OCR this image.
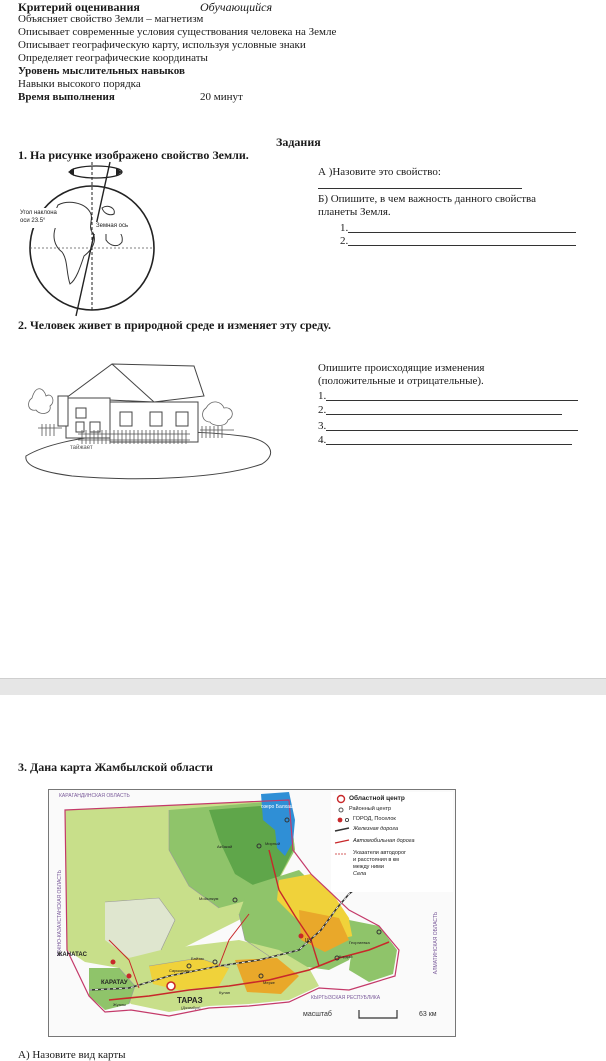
Критерий оценивания	Обучающийся
Объясняет свойство Земли – магнетизм
Описывает современные условия существования человека на Земле
Описывает географическую карту, используя условные знаки
Определяет географические координаты
Уровень мыслительных навыков
Навыки высокого порядка
Время выполнения	20 минут
Задания
1. На рисунке изображено свойство Земли.
Угол наклона оси 23.5°
Земная ось
А )Назовите это свойство:
Б) Опишите, в чем важность данного свойства
планеты Земля.
1.
2.
2. Человек живет в природной среде и изменяет эту среду.
тайжает
Опишите происходящие изменения
(положительные и отрицательные).
1.
2.
3.
4.
3. Дана карта Жамбылской области
КАРАГАНДИНСКАЯ ОБЛАСТЬ
ЮЖНО-КАЗАХСТАНСКАЯ ОБЛАСТЬ	АЛМАТИНСКАЯ ОБЛАСТЬ
КЫРГЫЗСКАЯ РЕСПУБЛИКА
озеро Балхаш
ТАРАЗ
(Джамбул)
ЖАНАТАС
КАРАТАУ
Шу
Мойынкум
Мирный
Акбакай
Кордай
Мерке
Кулан
Жуалы
Сарыкемер
Георгиевка
Байзак
Областной центр
Районный центр
ГОРОД, Поселок
Железная дорога
Автомобильная дорога
Указатели автодорог
и расстояния в км
между ними
Села
масштаб	63 км
А) Назовите вид карты
